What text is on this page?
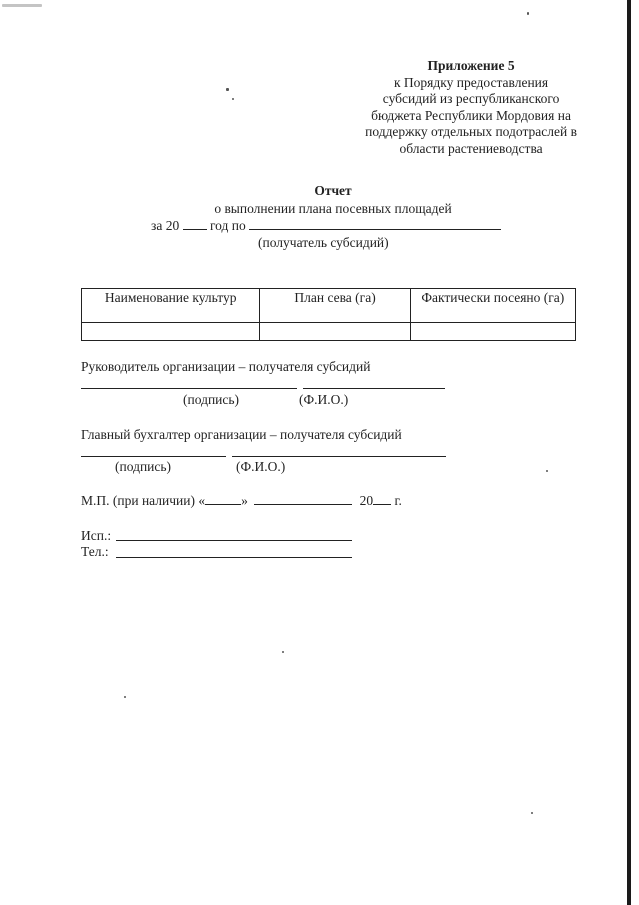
Приложение 5
к Порядку предоставления
субсидий из республиканского
бюджета Республики Мордовия на
поддержку отдельных подотраслей в
области растениеводства
Отчет
о выполнении плана посевных площадей
за 20 год по
(получатель субсидий)
Наименование культур	План сева (га)	Фактически посеяно (га)

Руководитель организации – получателя субсидий
(подпись)	(Ф.И.О.)
Главный бухгалтер организации – получателя субсидий
(подпись)	(Ф.И.О.)
М.П. (при наличии) «	»	20 г.
Исп.:
Тел.:
